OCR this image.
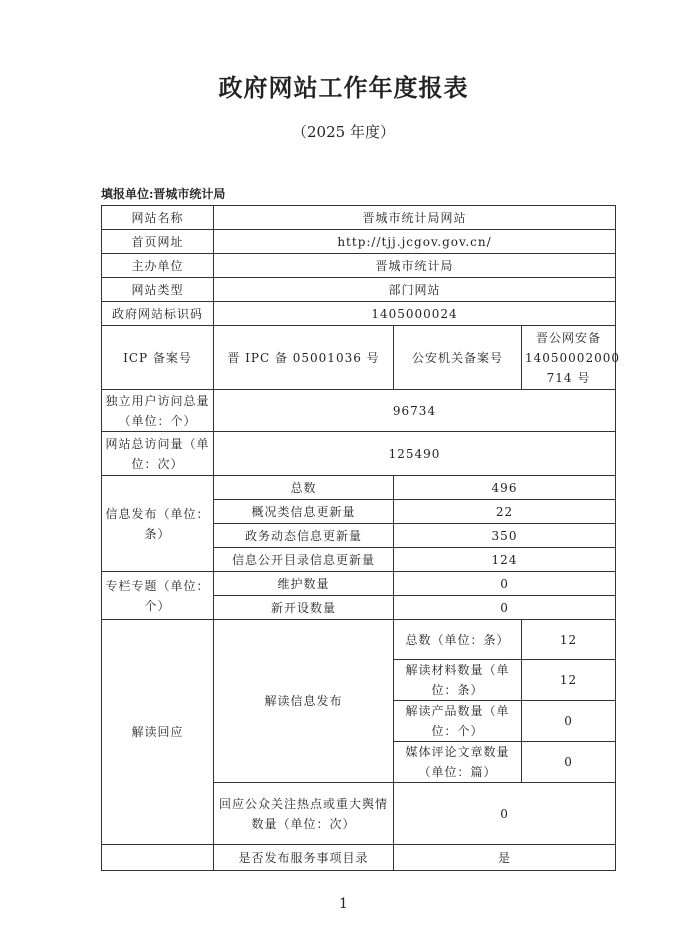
政府网站工作年度报表
（2025 年度）
填报单位:晋城市统计局
网站名称	晋城市统计局网站		
首页网址	http://tjj.jcgov.gov.cn/		
主办单位	晋城市统计局		
网站类型	部门网站		
政府网站标识码	1405000024		
ICP 备案号	晋 IPC 备 05001036 号	公安机关备案号	晋公网安备 14050002000 714 号
独立用户访问总量（单位：个）	96734		
网站总访问量（单位：次）	125490		
信息发布（单位：条）	总数	496	
	概况类信息更新量	22	
	政务动态信息更新量	350	
	信息公开目录信息更新量	124	
专栏专题（单位：个）	维护数量	0	
	新开设数量	0	
解读回应	解读信息发布	总数（单位：条）	12
		解读材料数量（单位：条）	12
		解读产品数量（单位：个）	0
		媒体评论文章数量（单位：篇）	0
	回应公众关注热点或重大舆情数量（单位：次）	0	
	是否发布服务事项目录	是	
1
